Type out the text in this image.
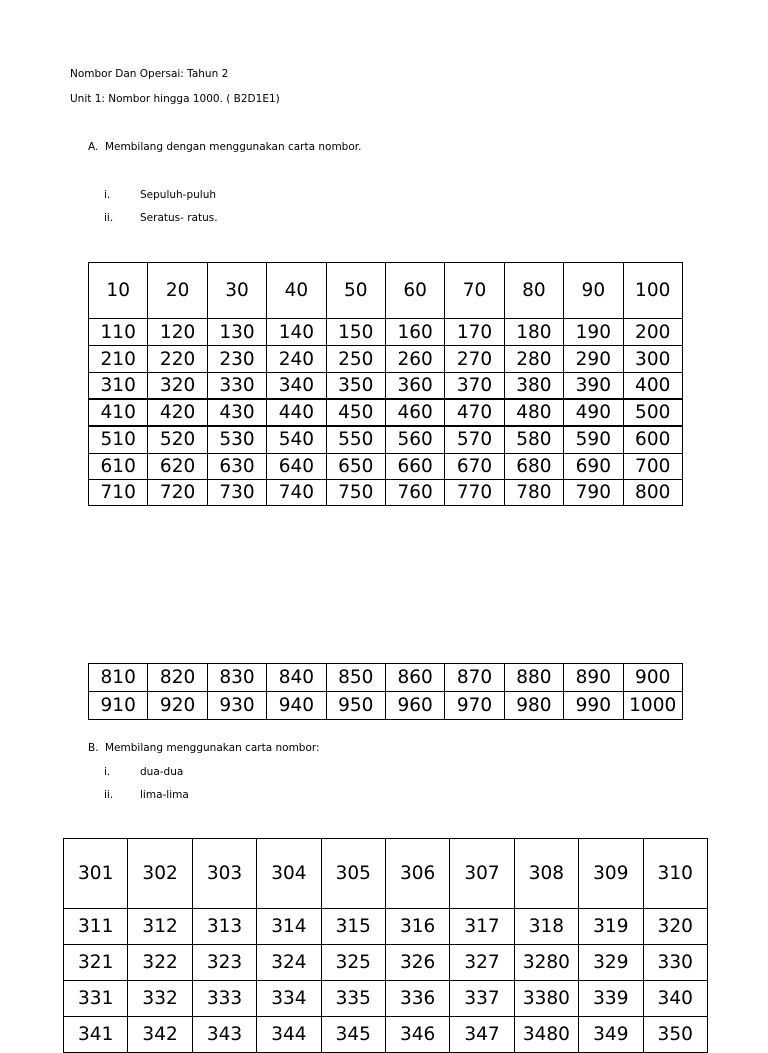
Nombor Dan Opersai: Tahun 2
Unit 1: Nombor hingga 1000. ( B2D1E1)
A. Membilang dengan menggunakan carta nombor.
i.	Sepuluh-puluh
ii.	Seratus- ratus.
10	20	30	40	50	60	70	80	90	100
110	120	130	140	150	160	170	180	190	200
210	220	230	240	250	260	270	280	290	300
310	320	330	340	350	360	370	380	390	400
410	420	430	440	450	460	470	480	490	500
510	520	530	540	550	560	570	580	590	600
610	620	630	640	650	660	670	680	690	700
710	720	730	740	750	760	770	780	790	800
810	820	830	840	850	860	870	880	890	900
910	920	930	940	950	960	970	980	990	1000
B. Membilang menggunakan carta nombor:
i.	dua-dua
ii.	lima-lima
301	302	303	304	305	306	307	308	309	310
311	312	313	314	315	316	317	318	319	320
321	322	323	324	325	326	327	3280	329	330
331	332	333	334	335	336	337	3380	339	340
341	342	343	344	345	346	347	3480	349	350
